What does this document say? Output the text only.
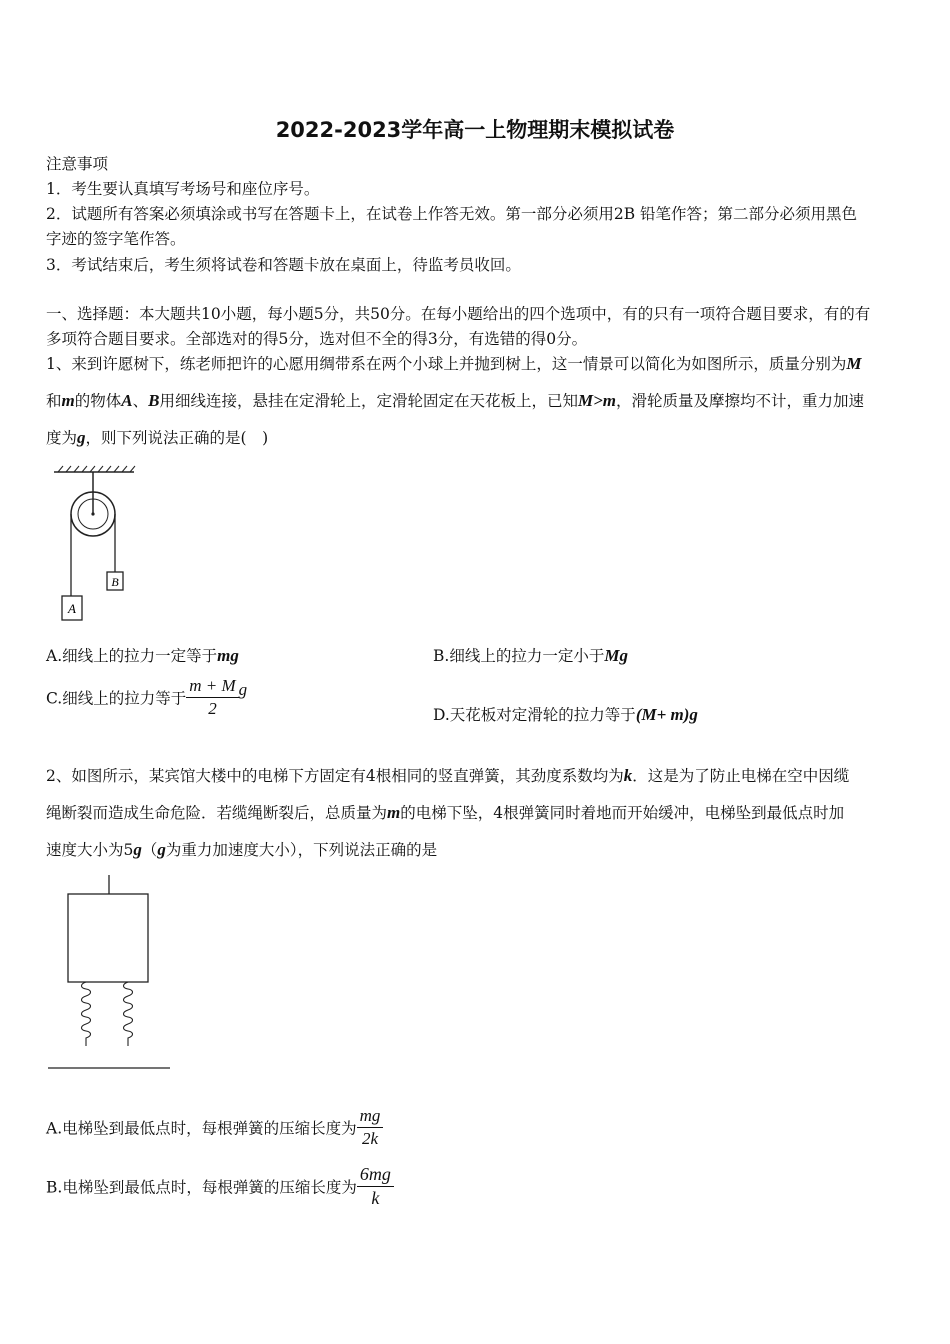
2022-2023学年高一上物理期末模拟试卷
注意事项
1．考生要认真填写考场号和座位序号。
2．试题所有答案必须填涂或书写在答题卡上，在试卷上作答无效。第一部分必须用2B 铅笔作答；第二部分必须用黑色
字迹的签字笔作答。
3．考试结束后，考生须将试卷和答题卡放在桌面上，待监考员收回。
一、选择题：本大题共10小题，每小题5分，共50分。在每小题给出的四个选项中，有的只有一项符合题目要求，有的有
多项符合题目要求。全部选对的得5分，选对但不全的得3分，有选错的得0分。
1、来到许愿树下，练老师把许的心愿用绸带系在两个小球上并抛到树上，这一情景可以简化为如图所示，质量分别为M
和m的物体A、B用细线连接，悬挂在定滑轮上，定滑轮固定在天花板上，已知M>m，滑轮质量及摩擦均不计，重力加速
度为g，则下列说法正确的是(　)
A
B
A.细线上的拉力一定等于mg	B.细线上的拉力一定小于Mg
C.细线上的拉力等于 $\frac{m + M}{2}$ g
D.天花板对定滑轮的拉力等于(M+ m)g
2、如图所示，某宾馆大楼中的电梯下方固定有4根相同的竖直弹簧，其劲度系数均为k．这是为了防止电梯在空中因缆
绳断裂而造成生命危险．若缆绳断裂后，总质量为m的电梯下坠，4根弹簧同时着地而开始缓冲，电梯坠到最低点时加
速度大小为5g（g为重力加速度大小），下列说法正确的是
A.电梯坠到最低点时，每根弹簧的压缩长度为 $\frac{mg}{2k}$
B.电梯坠到最低点时，每根弹簧的压缩长度为 $\frac{6mg}{k}$
